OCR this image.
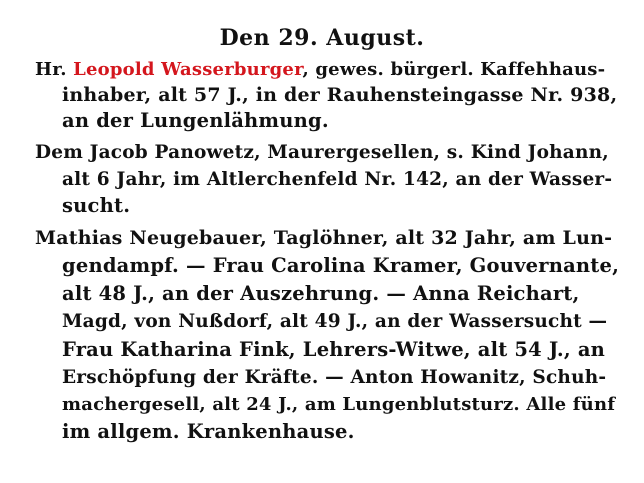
Den 29. August.
Hr. Leopold Wasserburger, gewes. bürgerl. Kaffehhaus-
inhaber, alt 57 J., in der Rauhensteingasse Nr. 938,
an der Lungenlähmung.
Dem Jacob Panowetz, Maurergesellen, s. Kind Johann,
alt 6 Jahr, im Altlerchenfeld Nr. 142, an der Wasser-
sucht.
Mathias Neugebauer, Taglöhner, alt 32 Jahr, am Lun-
gendampf. — Frau Carolina Kramer, Gouvernante,
alt 48 J., an der Auszehrung. — Anna Reichart,
Magd, von Nußdorf, alt 49 J., an der Wassersucht —
Frau Katharina Fink, Lehrers-Witwe, alt 54 J., an
Erschöpfung der Kräfte. — Anton Howanitz, Schuh-
machergesell, alt 24 J., am Lungenblutsturz. Alle fünf
im allgem. Krankenhause.
